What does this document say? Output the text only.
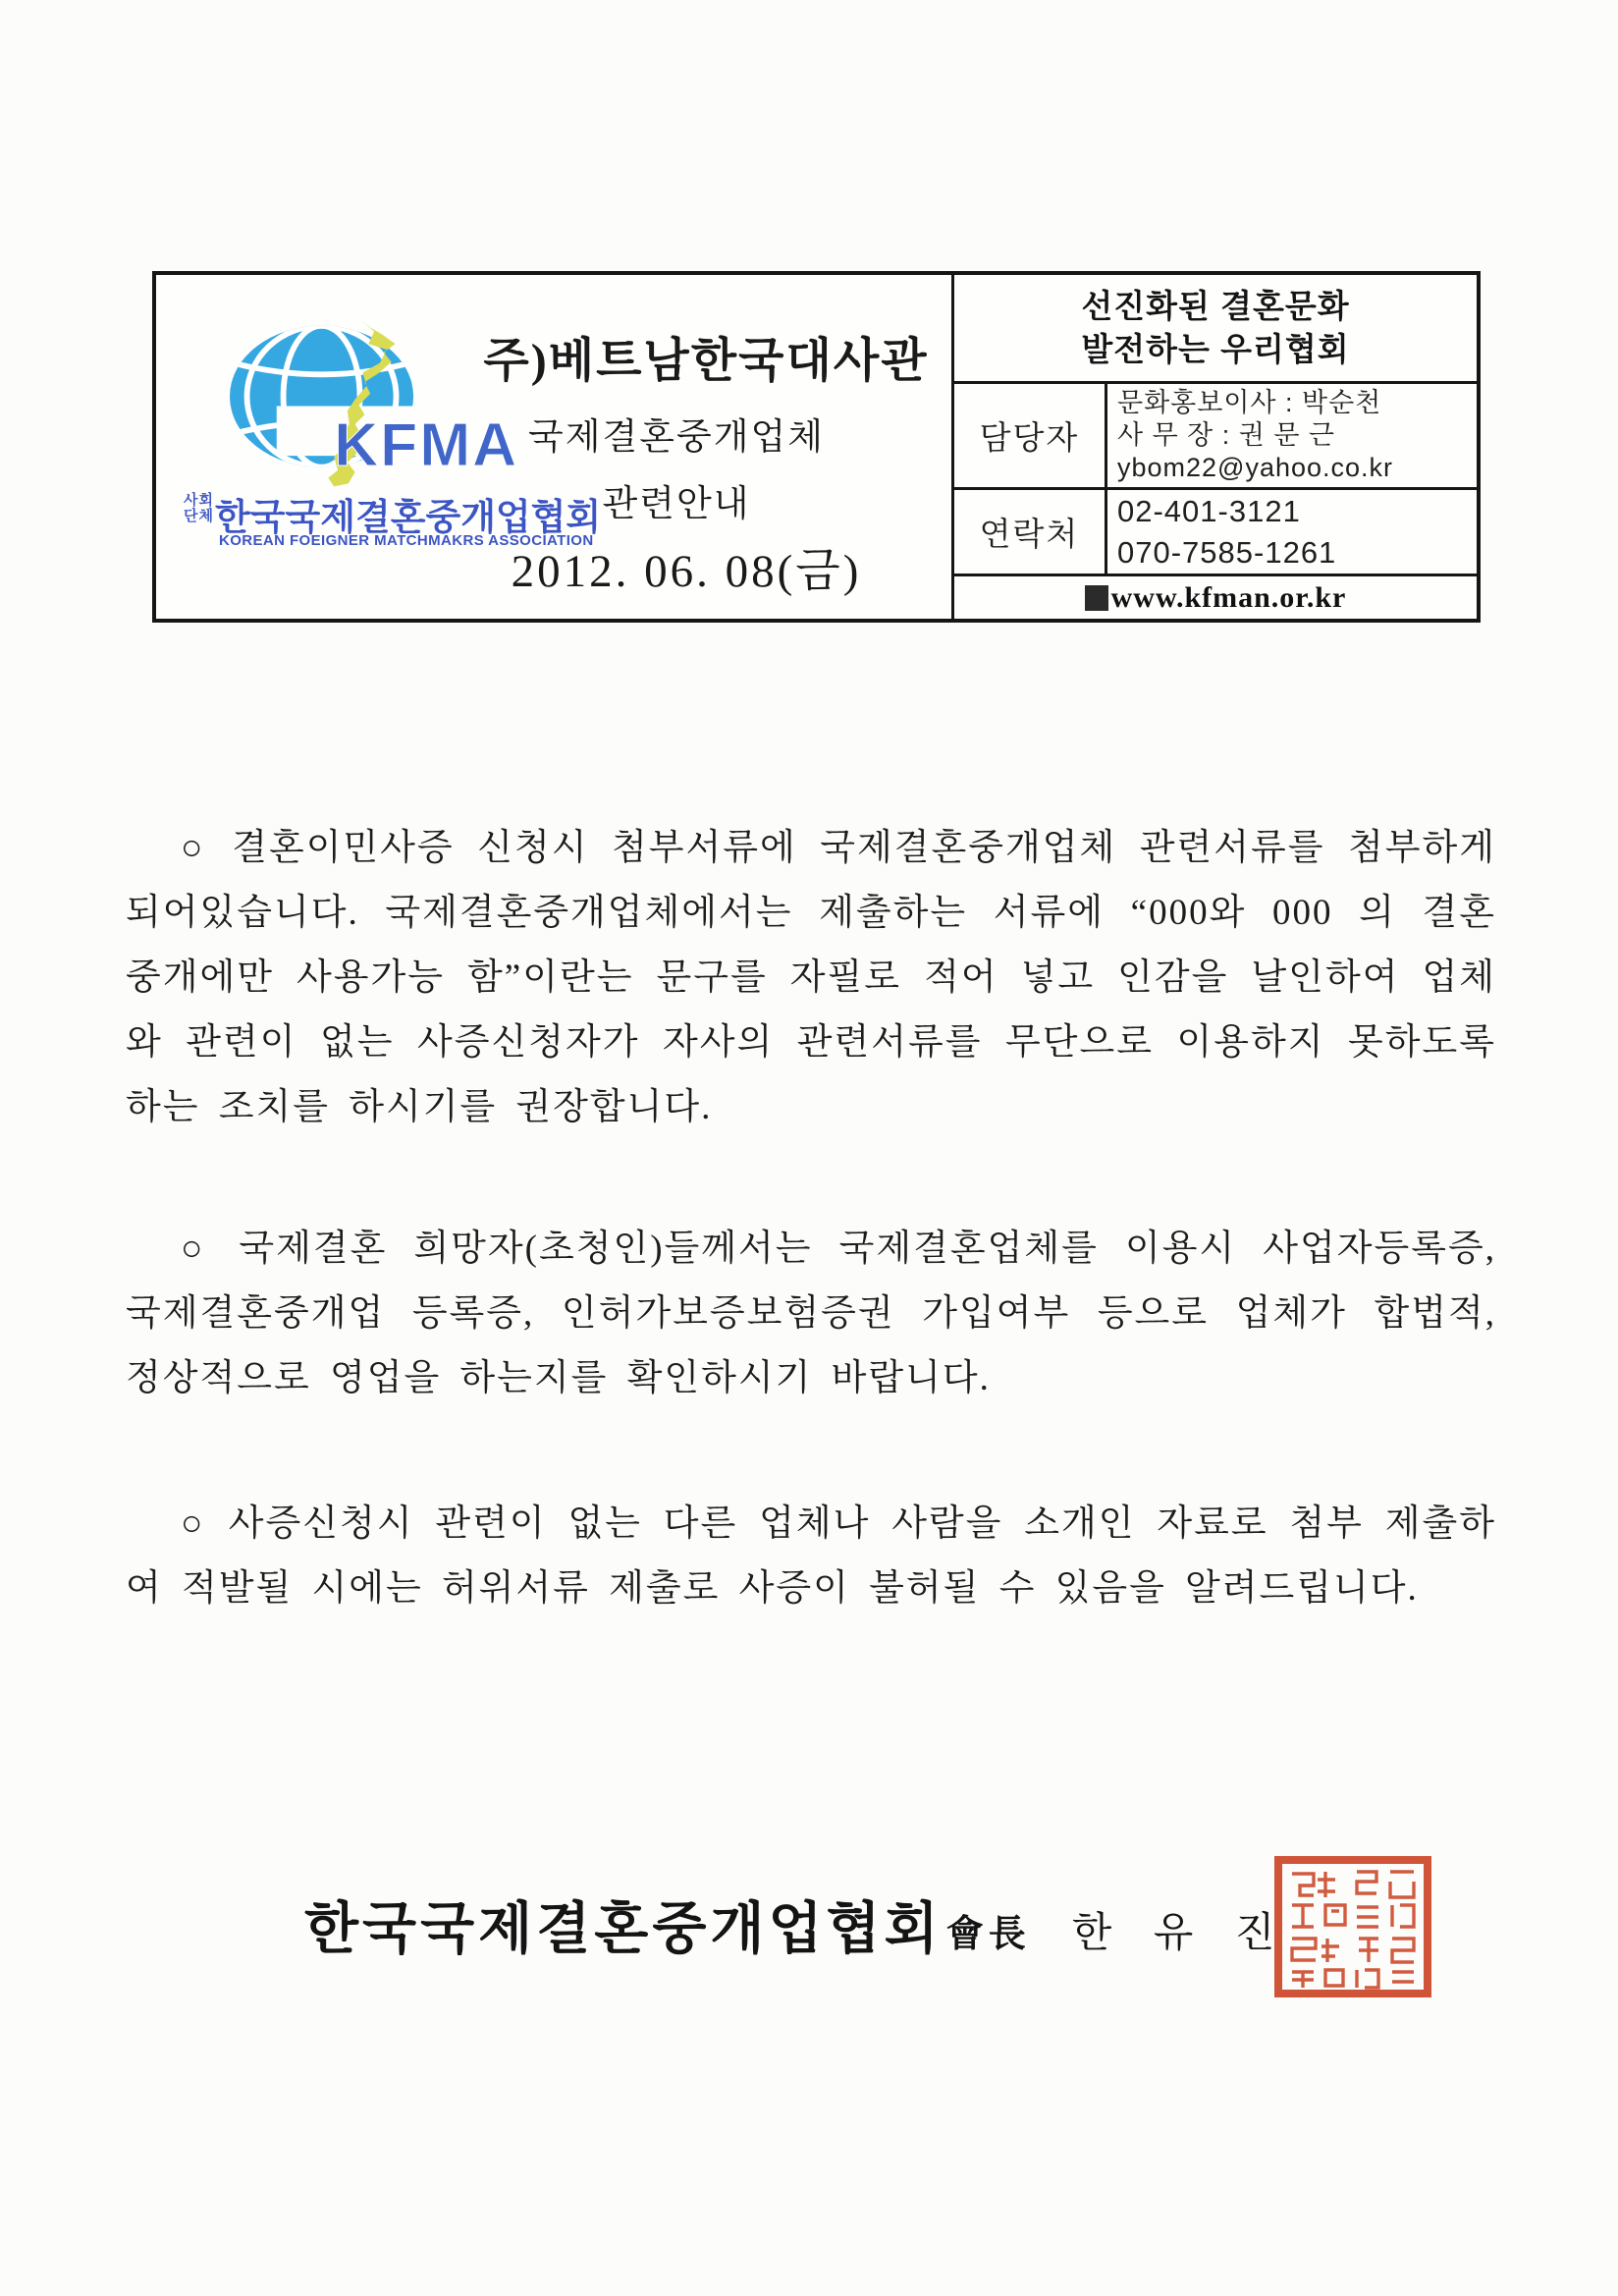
KFMA
사회
단체 한국국제결혼중개업협회
KOREAN FOEIGNER MATCHMAKRS ASSOCIATION
주)베트남한국대사관
국제결혼중개업체
관련안내
2012. 06. 08(금)
선진화된 결혼문화
발전하는 우리협회
담당자
문화홍보이사 : 박순천
사 무 장 : 권 문 근
ybom22@yahoo.co.kr
연락처
02-401-3121
070-7585-1261
www.kfman.or.kr
○ 결혼이민사증 신청시 첨부서류에 국제결혼중개업체 관련서류를 첨부하게
되어있습니다. 국제결혼중개업체에서는 제출하는 서류에 “000와 000 의 결혼
중개에만 사용가능 함”이란는 문구를 자필로 적어 넣고 인감을 날인하여 업체
와 관련이 없는 사증신청자가 자사의 관련서류를 무단으로 이용하지 못하도록
하는 조치를 하시기를 권장합니다.
○ 국제결혼 희망자(초청인)들께서는 국제결혼업체를 이용시 사업자등록증,
국제결혼중개업 등록증, 인허가보증보험증권 가입여부 등으로 업체가 합법적,
정상적으로 영업을 하는지를 확인하시기 바랍니다.
○ 사증신청시 관련이 없는 다른 업체나 사람을 소개인 자료로 첨부 제출하
여 적발될 시에는 허위서류 제출로 사증이 불허될 수 있음을 알려드립니다.
한국국제결혼중개업협회 會長 한 유 진
